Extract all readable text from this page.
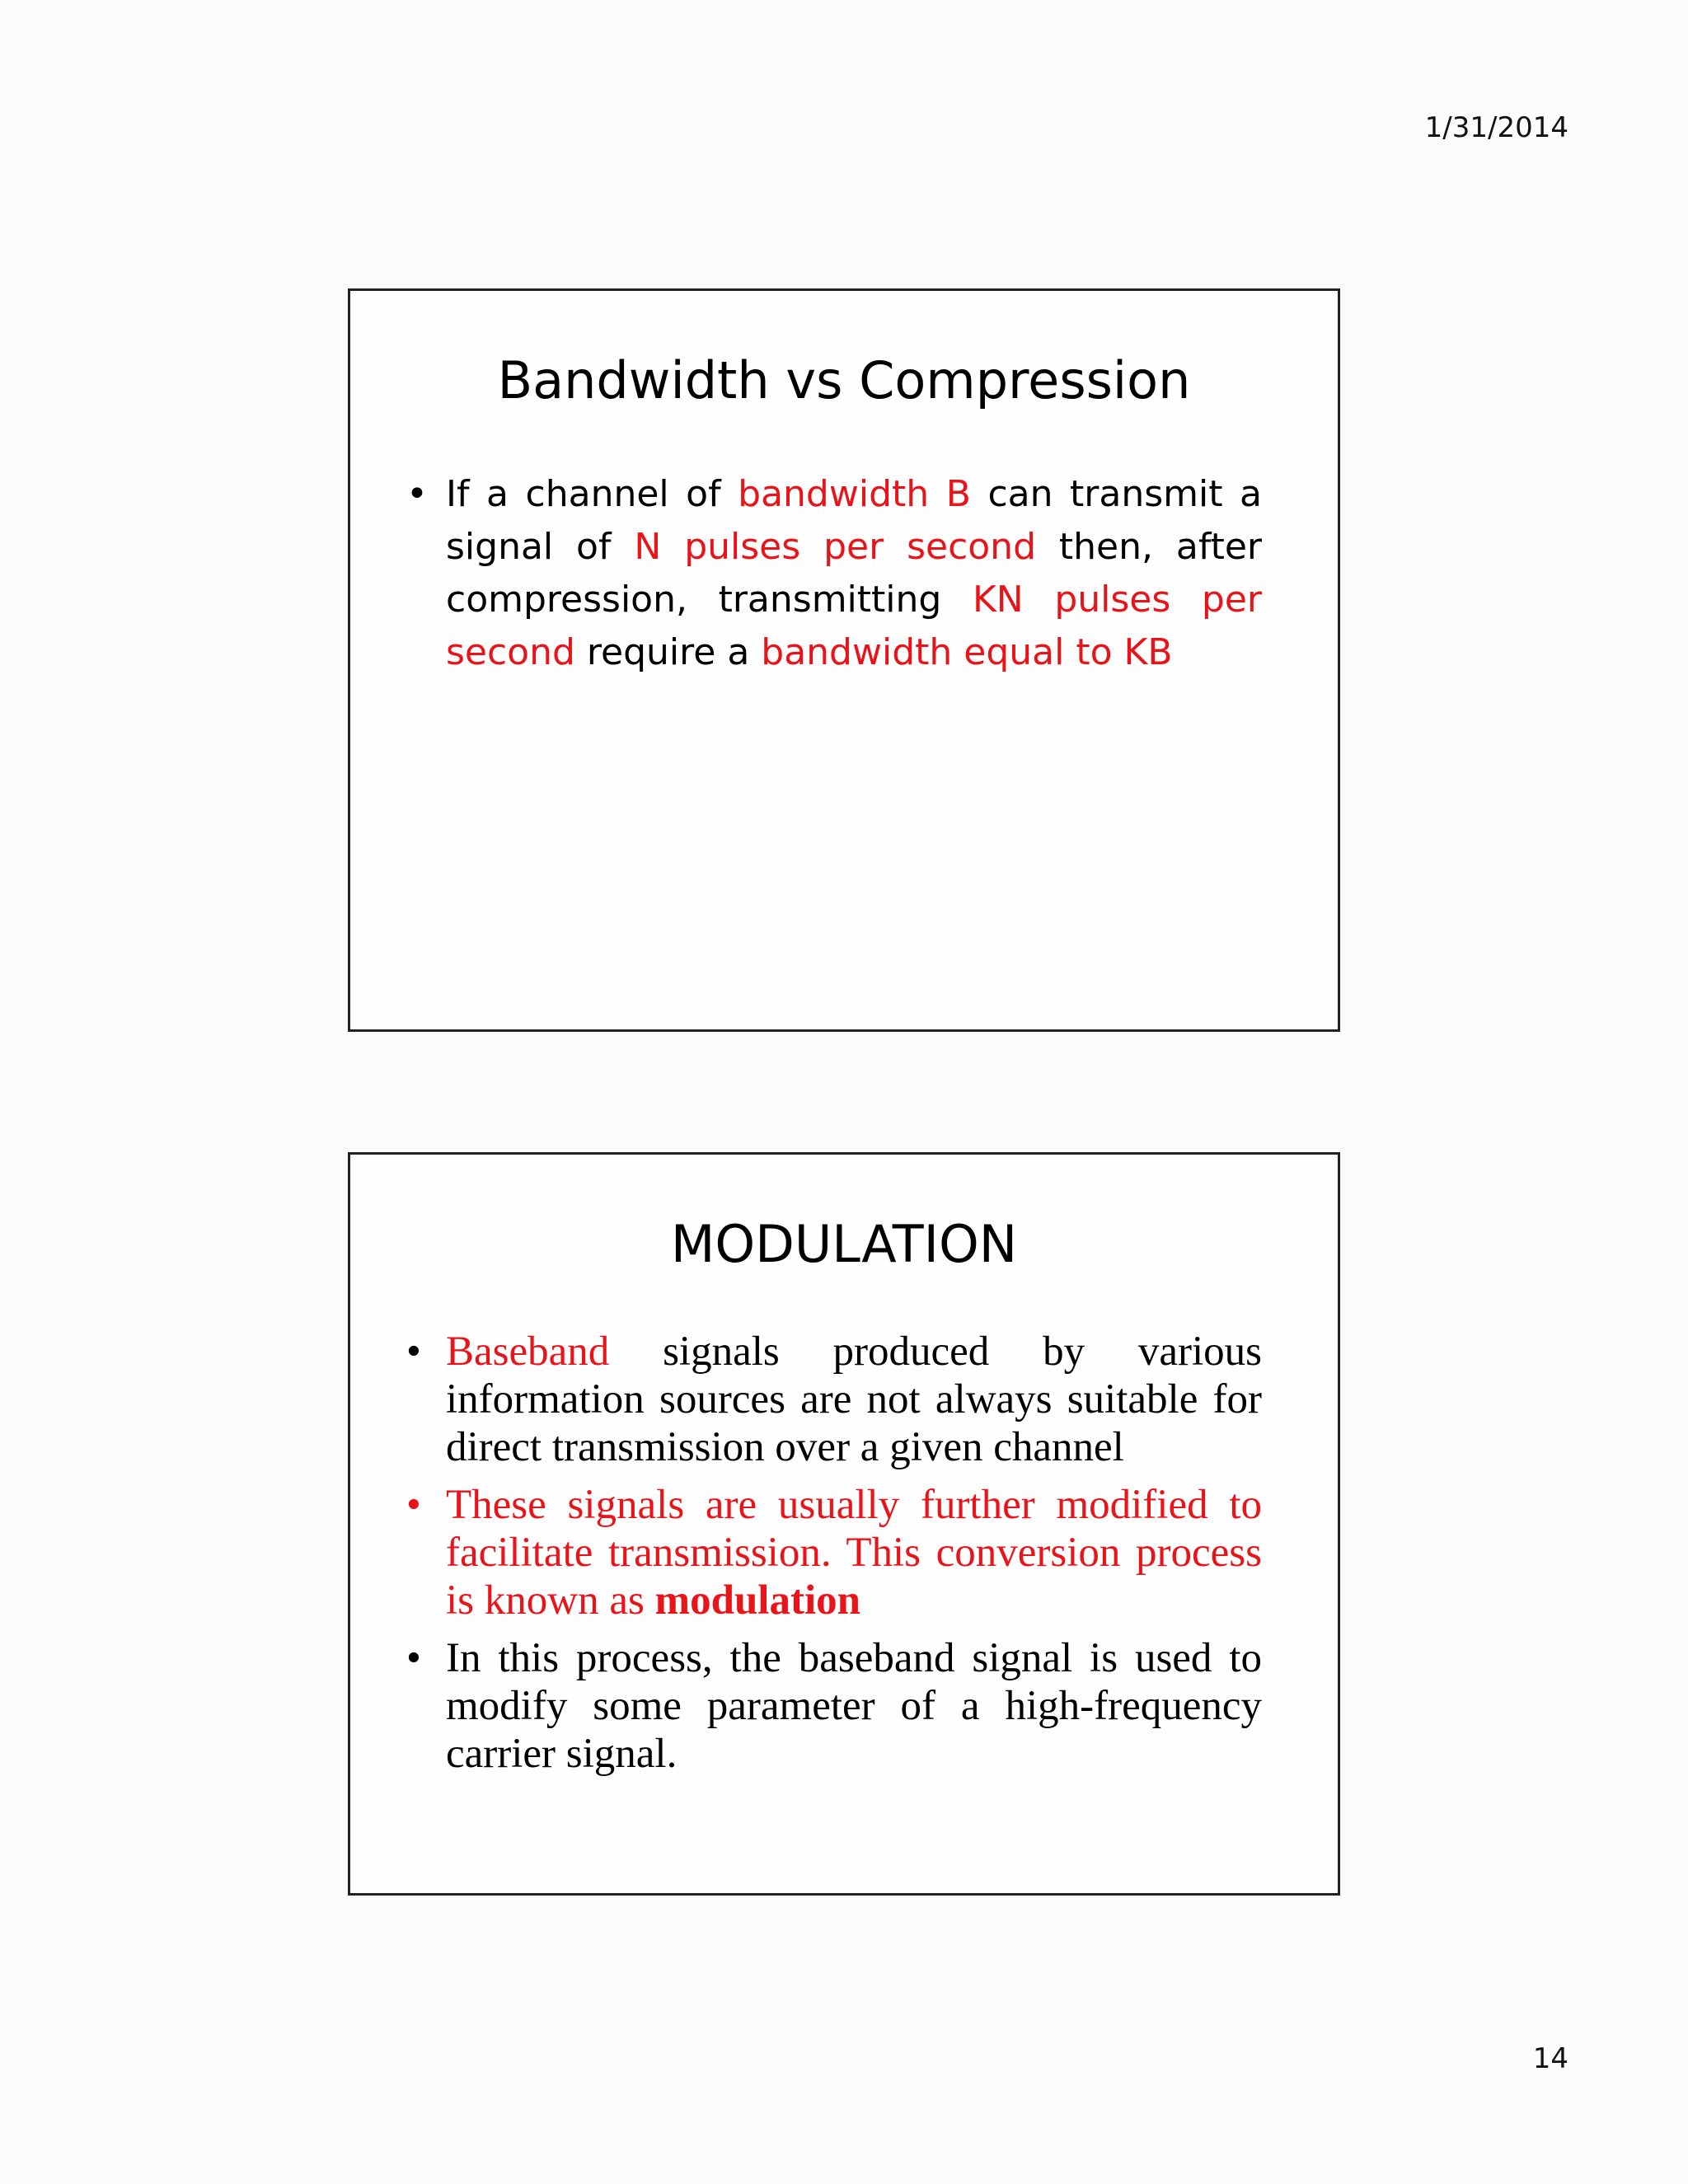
1/31/2014
Bandwidth vs Compression
• If a channel of bandwidth B can transmit a signal of N pulses per second then, after compression, transmitting KN pulses per second require a bandwidth equal to KB
MODULATION
• Baseband signals produced by various information sources are not always suitable for direct transmission over a given channel
• These signals are usually further modified to facilitate transmission. This conversion process is known as modulation
• In this process, the baseband signal is used to modify some parameter of a high-frequency carrier signal.
14
